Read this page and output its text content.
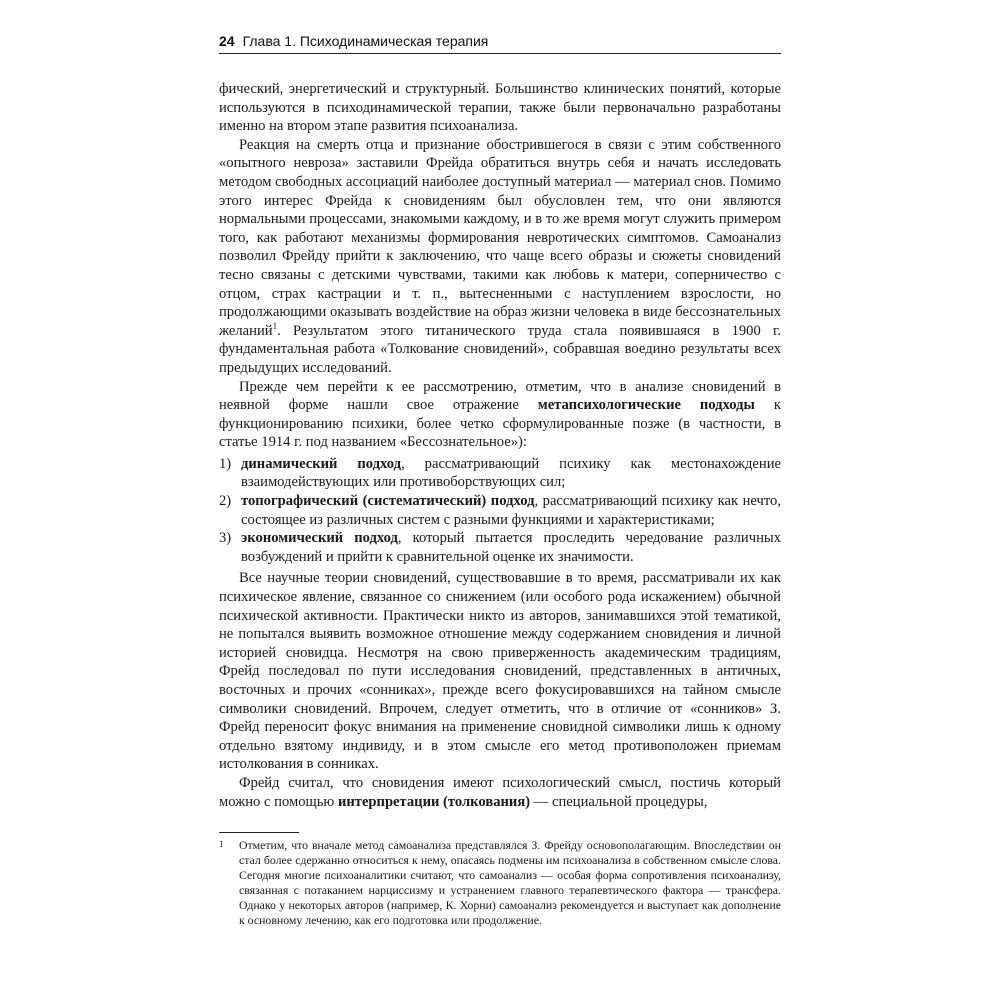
24 Глава 1. Психодинамическая терапия

фический, энергетический и структурный. Большинство клинических понятий, которые используются в психодинамической терапии, также были первоначально разработаны именно на втором этапе развития психоанализа.

Реакция на смерть отца и признание обострившегося в связи с этим собственного «опытного невроза» заставили Фрейда обратиться внутрь себя и начать исследовать методом свободных ассоциаций наиболее доступный материал — материал снов. Помимо этого интерес Фрейда к сновидениям был обусловлен тем, что они являются нормальными процессами, знакомыми каждому, и в то же время могут служить примером того, как работают механизмы формирования невротических симптомов. Самоанализ позволил Фрейду прийти к заключению, что чаще всего образы и сюжеты сновидений тесно связаны с детскими чувствами, такими как любовь к матери, соперничество с отцом, страх кастрации и т. п., вытесненными с наступлением взрослости, но продолжающими оказывать воздействие на образ жизни человека в виде бессознательных желаний$^1$. Результатом этого титанического труда стала появившаяся в 1900 г. фундаментальная работа «Толкование сновидений», собравшая воедино результаты всех предыдущих исследований.

Прежде чем перейти к ее рассмотрению, отметим, что в анализе сновидений в неявной форме нашли свое отражение метапсихологические подходы к функционированию психики, более четко сформулированные позже (в частности, в статье 1914 г. под названием «Бессознательное»):

1) динамический подход, рассматривающий психику как местонахождение взаимодействующих или противоборствующих сил;
2) топографический (систематический) подход, рассматривающий психику как нечто, состоящее из различных систем с разными функциями и характеристиками;
3) экономический подход, который пытается проследить чередование различных возбуждений и прийти к сравнительной оценке их значимости.

Все научные теории сновидений, существовавшие в то время, рассматривали их как психическое явление, связанное со снижением (или особого рода искажением) обычной психической активности. Практически никто из авторов, занимавшихся этой тематикой, не попытался выявить возможное отношение между содержанием сновидения и личной историей сновидца. Несмотря на свою приверженность академическим традициям, Фрейд последовал по пути исследования сновидений, представленных в античных, восточных и прочих «сонниках», прежде всего фокусировавшихся на тайном смысле символики сновидений. Впрочем, следует отметить, что в отличие от «сонников» З. Фрейд переносит фокус внимания на применение сновидной символики лишь к одному отдельно взятому индивиду, и в этом смысле его метод противоположен приемам истолкования в сонниках.

Фрейд считал, что сновидения имеют психологический смысл, постичь который можно с помощью интерпретации (толкования) — специальной процедуры,

1	Отметим, что вначале метод самоанализа представлялся З. Фрейду основополагающим. Впоследствии он стал более сдержанно относиться к нему, опасаясь подмены им психоанализа в собственном смысле слова. Сегодня многие психоаналитики считают, что самоанализ — особая форма сопротивления психоанализу, связанная с потаканием нарциссизму и устранением главного терапевтического фактора — трансфера. Однако у некоторых авторов (например, К. Хорни) самоанализ рекомендуется и выступает как дополнение к основному лечению, как его подготовка или продолжение.
